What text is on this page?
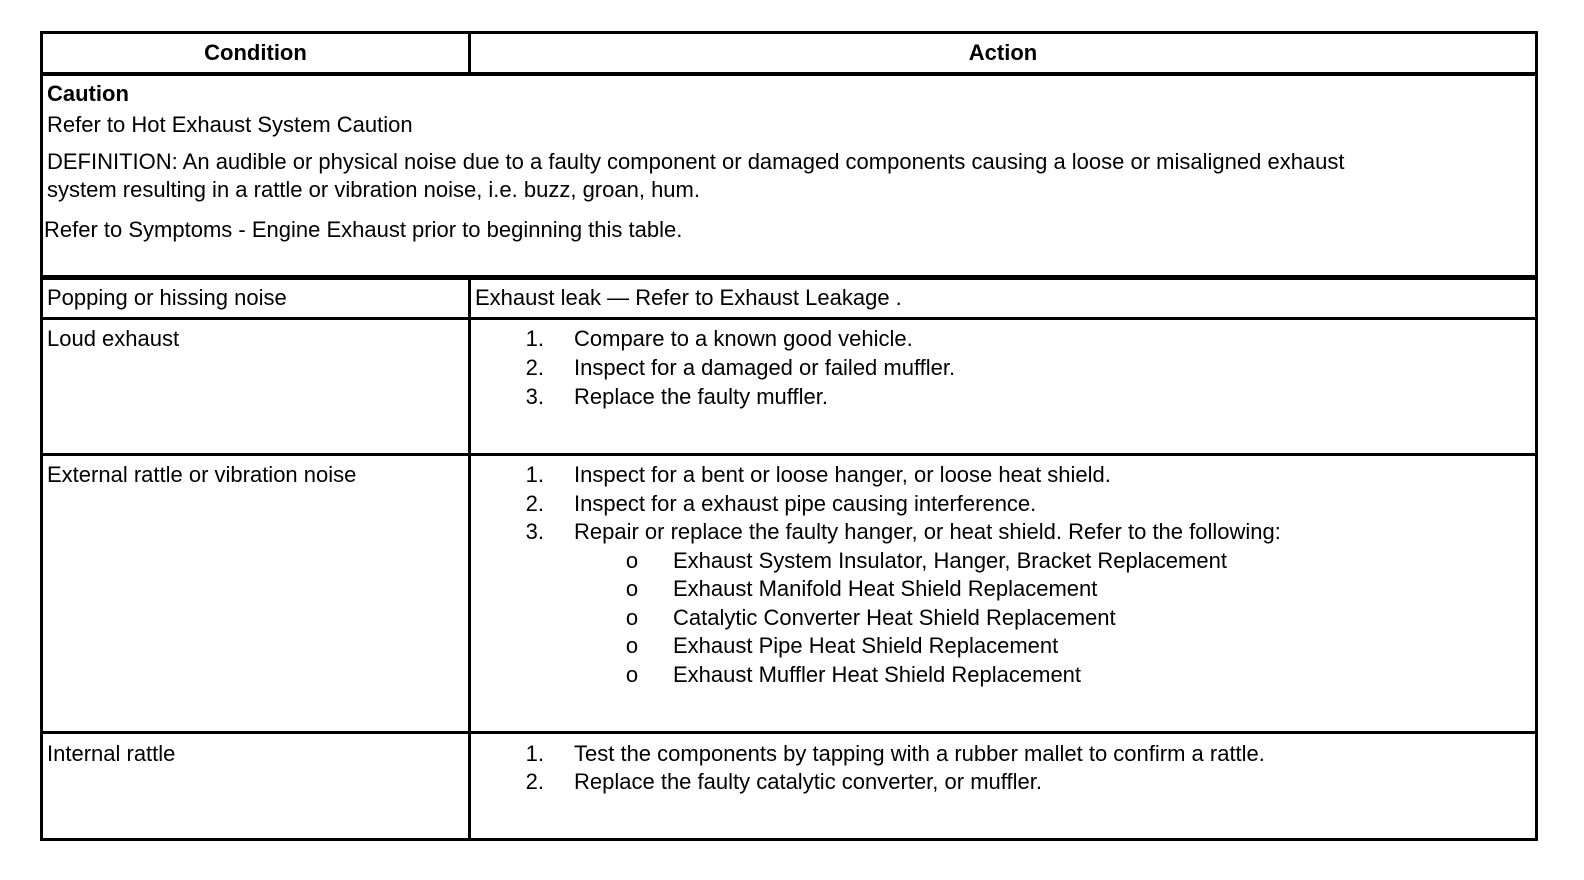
Condition	Action
Caution
Refer to Hot Exhaust System Caution
DEFINITION: An audible or physical noise due to a faulty component or damaged components causing a loose or misaligned exhaust
system resulting in a rattle or vibration noise, i.e. buzz, groan, hum.
Refer to Symptoms - Engine Exhaust prior to beginning this table.
Popping or hissing noise	Exhaust leak — Refer to Exhaust Leakage .
Loud exhaust	1. Compare to a known good vehicle.
2. Inspect for a damaged or failed muffler.
3. Replace the faulty muffler.
External rattle or vibration noise	1. Inspect for a bent or loose hanger, or loose heat shield.
2. Inspect for a exhaust pipe causing interference.
3. Repair or replace the faulty hanger, or heat shield. Refer to the following:
o	Exhaust System Insulator, Hanger, Bracket Replacement
o	Exhaust Manifold Heat Shield Replacement
o	Catalytic Converter Heat Shield Replacement
o	Exhaust Pipe Heat Shield Replacement
o	Exhaust Muffler Heat Shield Replacement
Internal rattle	1. Test the components by tapping with a rubber mallet to confirm a rattle.
2. Replace the faulty catalytic converter, or muffler.
